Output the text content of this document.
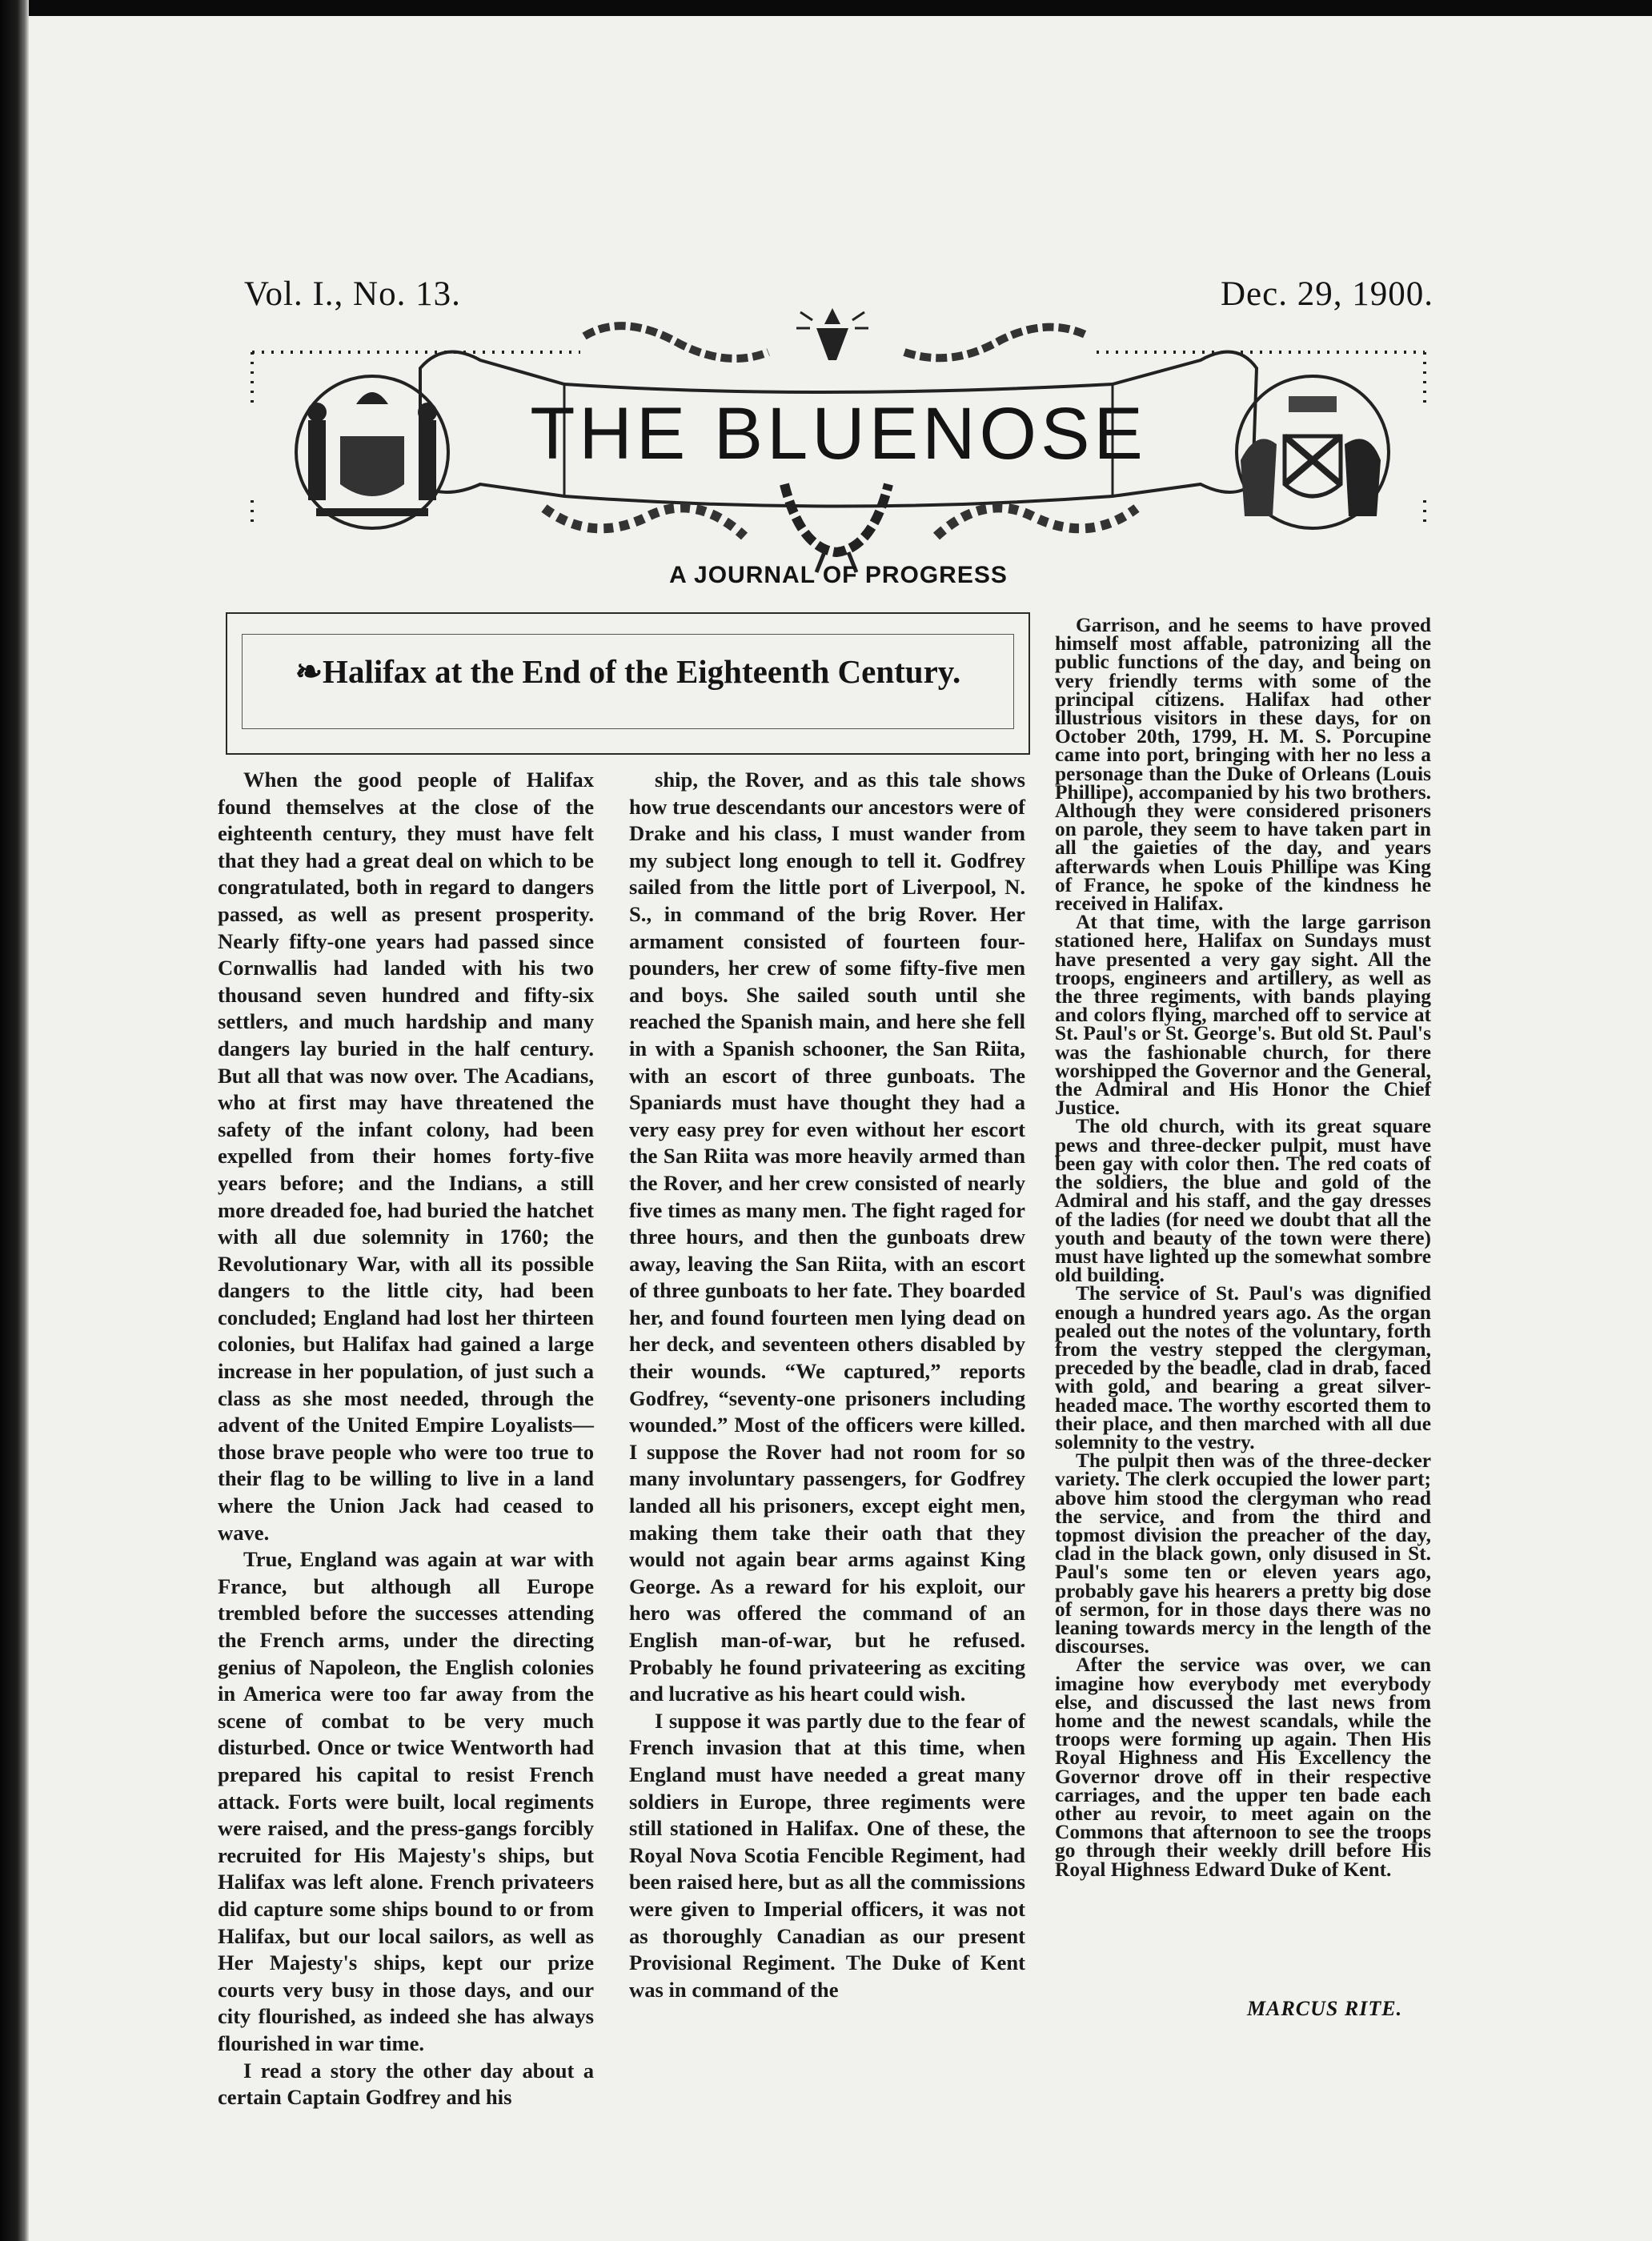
Vol. I., No. 13.	Dec. 29, 1900.
THE BLUENOSE
A JOURNAL OF PROGRESS
❧Halifax at the End of the Eighteenth Century.

When the good people of Halifax found themselves at the close of the eighteenth century, they must have felt that they had a great deal on which to be congratulated, both in regard to dangers passed, as well as present prosperity. Nearly fifty-one years had passed since Cornwallis had landed with his two thousand seven hundred and fifty-six settlers, and much hardship and many dangers lay buried in the half century. But all that was now over. The Acadians, who at first may have threatened the safety of the infant colony, had been expelled from their homes forty-five years before; and the Indians, a still more dreaded foe, had buried the hatchet with all due solemnity in 1760; the Revolutionary War, with all its possible dangers to the little city, had been concluded; England had lost her thirteen colonies, but Halifax had gained a large increase in her population, of just such a class as she most needed, through the advent of the United Empire Loyalists—those brave people who were too true to their flag to be willing to live in a land where the Union Jack had ceased to wave.

True, England was again at war with France, but although all Europe trembled before the successes attending the French arms, under the directing genius of Napoleon, the English colonies in America were too far away from the scene of combat to be very much disturbed. Once or twice Wentworth had prepared his capital to resist French attack. Forts were built, local regiments were raised, and the press-gangs forcibly recruited for His Majesty's ships, but Halifax was left alone. French privateers did capture some ships bound to or from Halifax, but our local sailors, as well as Her Majesty's ships, kept our prize courts very busy in those days, and our city flourished, as indeed she has always flourished in war time.

I read a story the other day about a certain Captain Godfrey and his

ship, the Rover, and as this tale shows how true descendants our ancestors were of Drake and his class, I must wander from my subject long enough to tell it. Godfrey sailed from the little port of Liverpool, N. S., in command of the brig Rover. Her armament consisted of fourteen four-pounders, her crew of some fifty-five men and boys. She sailed south until she reached the Spanish main, and here she fell in with a Spanish schooner, the San Riita, with an escort of three gunboats. The Spaniards must have thought they had a very easy prey for even without her escort the San Riita was more heavily armed than the Rover, and her crew consisted of nearly five times as many men. The fight raged for three hours, and then the gunboats drew away, leaving the San Riita, with an escort of three gunboats to her fate. They boarded her, and found fourteen men lying dead on her deck, and seventeen others disabled by their wounds. “We captured,” reports Godfrey, “seventy-one prisoners including wounded.” Most of the officers were killed. I suppose the Rover had not room for so many involuntary passengers, for Godfrey landed all his prisoners, except eight men, making them take their oath that they would not again bear arms against King George. As a reward for his exploit, our hero was offered the command of an English man-of-war, but he refused. Probably he found privateering as exciting and lucrative as his heart could wish.

I suppose it was partly due to the fear of French invasion that at this time, when England must have needed a great many soldiers in Europe, three regiments were still stationed in Halifax. One of these, the Royal Nova Scotia Fencible Regiment, had been raised here, but as all the commissions were given to Imperial officers, it was not as thoroughly Canadian as our present Provisional Regiment. The Duke of Kent was in command of the

Garrison, and he seems to have proved himself most affable, patronizing all the public functions of the day, and being on very friendly terms with some of the principal citizens. Halifax had other illustrious visitors in these days, for on October 20th, 1799, H. M. S. Porcupine came into port, bringing with her no less a personage than the Duke of Orleans (Louis Phillipe), accompanied by his two brothers. Although they were considered prisoners on parole, they seem to have taken part in all the gaieties of the day, and years afterwards when Louis Phillipe was King of France, he spoke of the kindness he received in Halifax.

At that time, with the large garrison stationed here, Halifax on Sundays must have presented a very gay sight. All the troops, engineers and artillery, as well as the three regiments, with bands playing and colors flying, marched off to service at St. Paul's or St. George's. But old St. Paul's was the fashionable church, for there worshipped the Governor and the General, the Admiral and His Honor the Chief Justice.

The old church, with its great square pews and three-decker pulpit, must have been gay with color then. The red coats of the soldiers, the blue and gold of the Admiral and his staff, and the gay dresses of the ladies (for need we doubt that all the youth and beauty of the town were there) must have lighted up the somewhat sombre old building.

The service of St. Paul's was dignified enough a hundred years ago. As the organ pealed out the notes of the voluntary, forth from the vestry stepped the clergyman, preceded by the beadle, clad in drab, faced with gold, and bearing a great silver-headed mace. The worthy escorted them to their place, and then marched with all due solemnity to the vestry.

The pulpit then was of the three-decker variety. The clerk occupied the lower part; above him stood the clergyman who read the service, and from the third and topmost division the preacher of the day, clad in the black gown, only disused in St. Paul's some ten or eleven years ago, probably gave his hearers a pretty big dose of sermon, for in those days there was no leaning towards mercy in the length of the discourses.

After the service was over, we can imagine how everybody met everybody else, and discussed the last news from home and the newest scandals, while the troops were forming up again. Then His Royal Highness and His Excellency the Governor drove off in their respective carriages, and the upper ten bade each other au revoir, to meet again on the Commons that afternoon to see the troops go through their weekly drill before His Royal Highness Edward Duke of Kent.

MARCUS RITE.
